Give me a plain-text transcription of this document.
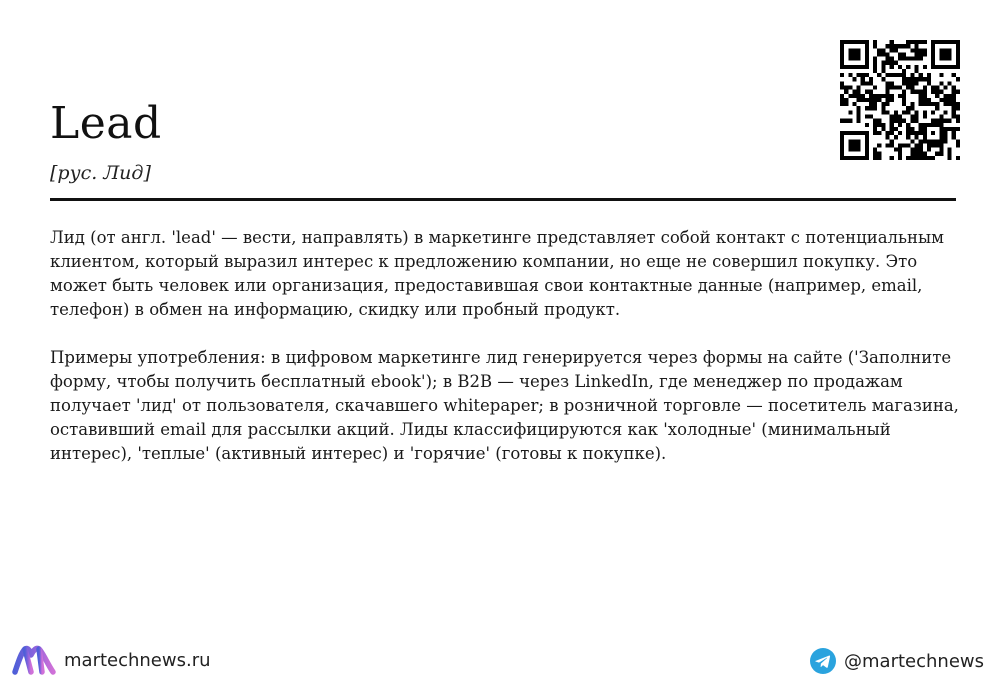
Lead

[рус. Лид]

Лид (от англ. 'lead' — вести, направлять) в маркетинге представляет собой контакт с потенциальным клиентом, который выразил интерес к предложению компании, но еще не совершил покупку. Это может быть человек или организация, предоставившая свои контактные данные (например, email, телефон) в обмен на информацию, скидку или пробный продукт.

Примеры употребления: в цифровом маркетинге лид генерируется через формы на сайте ('Заполните форму, чтобы получить бесплатный ebook'); в B2B — через LinkedIn, где менеджер по продажам получает 'лид' от пользователя, скачавшего whitepaper; в розничной торговле — посетитель магазина, оставивший email для рассылки акций. Лиды классифицируются как 'холодные' (минимальный интерес), 'теплые' (активный интерес) и 'горячие' (готовы к покупке).

martechnews.ru	@martechnews
